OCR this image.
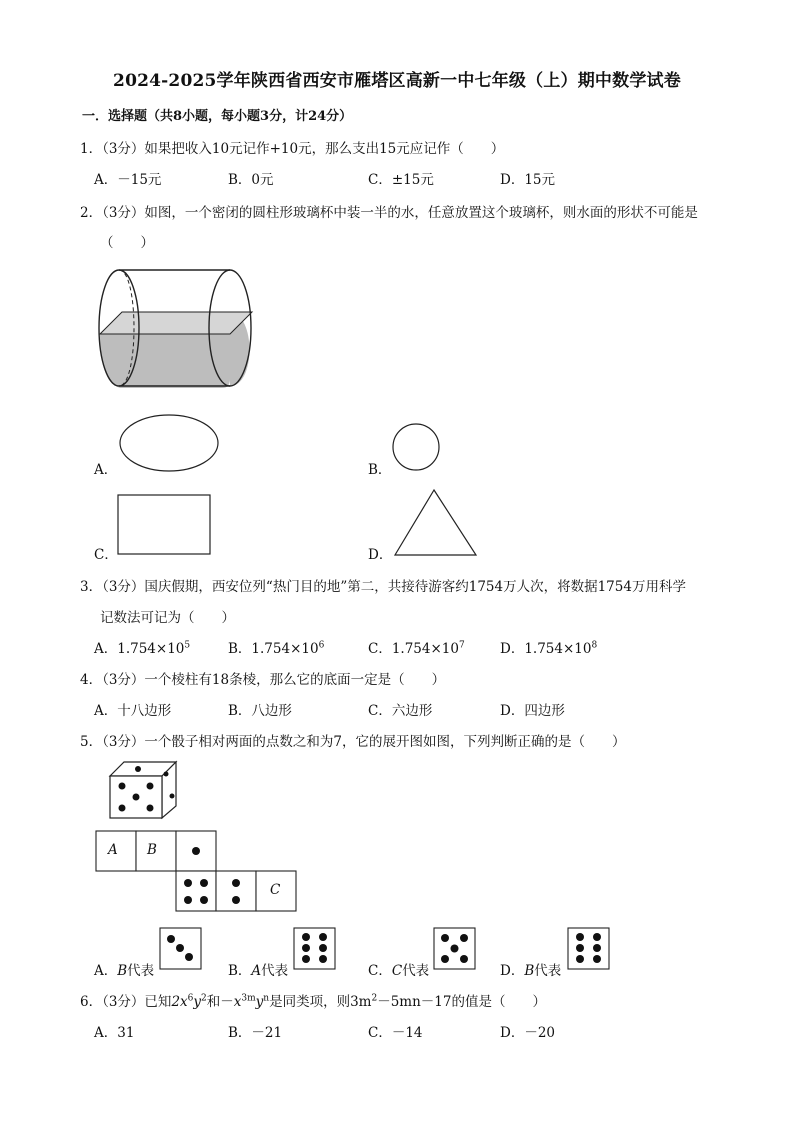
2024-2025学年陕西省西安市雁塔区高新一中七年级（上）期中数学试卷
一．选择题（共8小题，每小题3分，计24分）
1．（3分）如果把收入10元记作+10元，那么支出15元应记作（　　）
A．－15元	B．0元	C．±15元	D．15元
2．（3分）如图，一个密闭的圆柱形玻璃杯中装一半的水，任意放置这个玻璃杯，则水面的形状不可能是
（　　）
A．	B．
C．	D．
3．（3分）国庆假期，西安位列“热门目的地”第二，共接待游客约1754万人次，将数据1754万用科学
记数法可记为（　　）
A．$1.754\times 10^5$	B．$1.754\times 10^6$	C．$1.754\times 10^7$	D．$1.754\times 10^8$
4．（3分）一个棱柱有18条棱，那么它的底面一定是（　　）
A．十八边形	B．八边形	C．六边形	D．四边形
5．（3分）一个骰子相对两面的点数之和为7，它的展开图如图，下列判断正确的是（　　）
A B
C
A．B代表	B．A代表	C．C代表	D．B代表
6．（3分）已知$2x^6y^2$和$-x^{3m}y^n$是同类项，则$3m^2-5mn-17$的值是（　　）
A．31	B．－21	C．－14	D．－20
